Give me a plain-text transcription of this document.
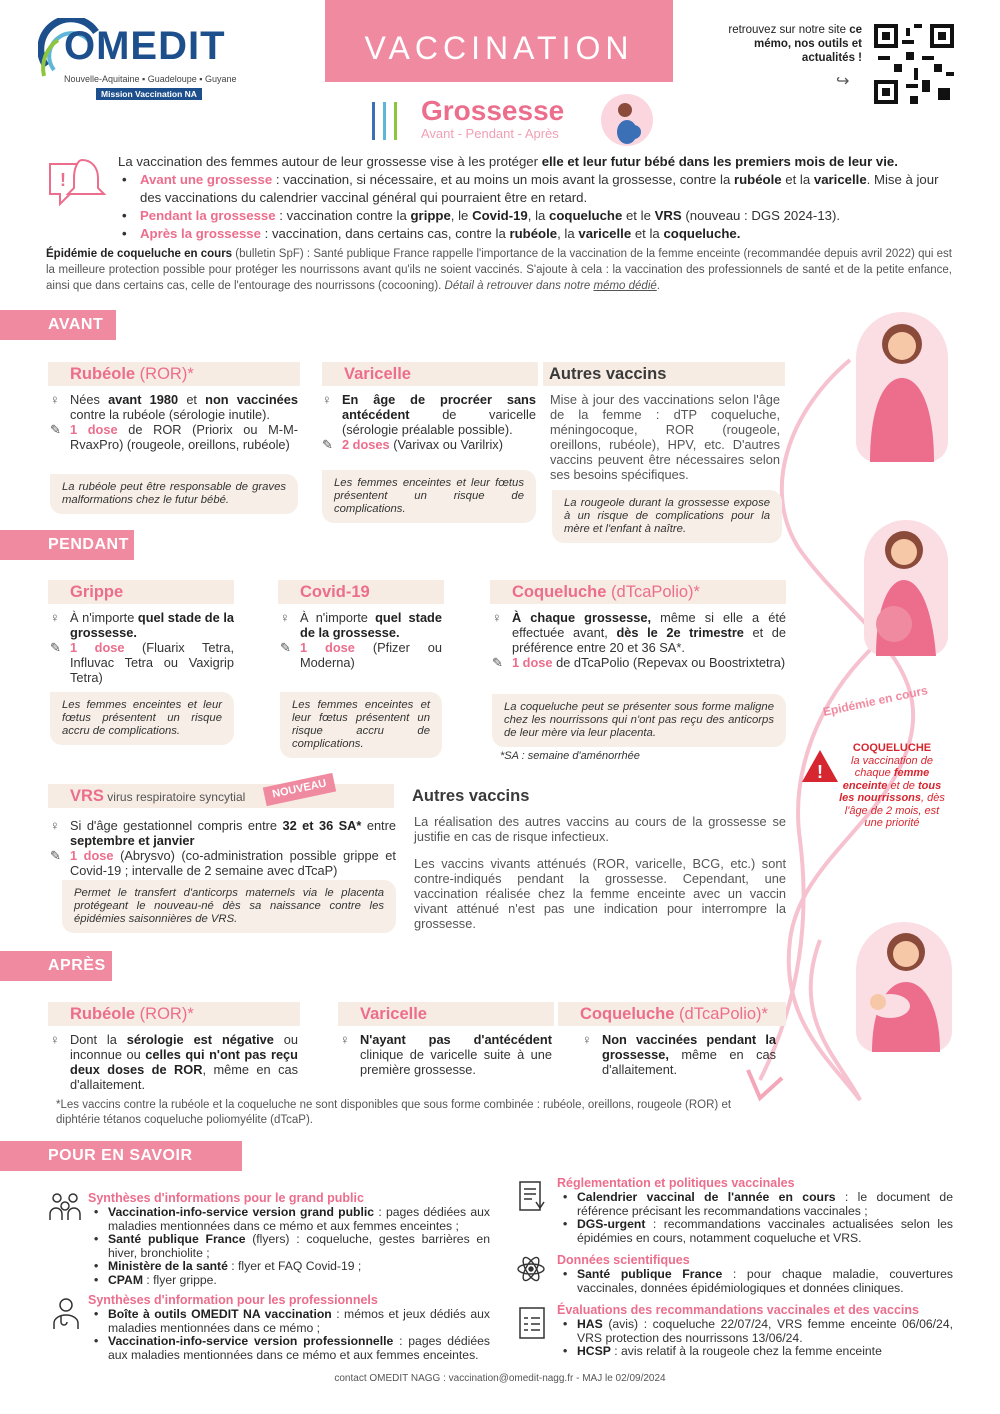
OMEDIT
Nouvelle-Aquitaine ▪ Guadeloupe ▪ Guyane
Mission Vaccination NA
VACCINATION
Grossesse
Avant - Pendant - Après
retrouvez sur notre site ce mémo, nos outils et actualités !
↪
!
La vaccination des femmes autour de leur grossesse vise à les protéger elle et leur futur bébé dans les premiers mois de leur vie.
• Avant une grossesse : vaccination, si nécessaire, et au moins un mois avant la grossesse, contre la rubéole et la varicelle. Mise à jour des vaccinations du calendrier vaccinal général qui pourraient être en retard.
• Pendant la grossesse : vaccination contre la grippe, le Covid-19, la coqueluche et le VRS (nouveau : DGS 2024-13).
• Après la grossesse : vaccination, dans certains cas, contre la rubéole, la varicelle et la coqueluche.
Épidémie de coqueluche en cours (bulletin SpF) : Santé publique France rappelle l'importance de la vaccination de la femme enceinte (recommandée depuis avril 2022) qui est la meilleure protection possible pour protéger les nourrissons avant qu'ils ne soient vaccinés. S'ajoute à cela : la vaccination des professionnels de santé et de la petite enfance, ainsi que dans certains cas, celle de l'entourage des nourrissons (cocooning). Détail à retrouver dans notre mémo dédié.
Epidémie en cours
!
COQUELUCHE
la vaccination de chaque femme enceinte et de tous les nourrissons, dès l'âge de 2 mois, est une priorité
AVANT
Rubéole (ROR)*	Varicelle	Autres vaccins
♀ Nées avant 1980 et non vaccinées contre la rubéole (sérologie inutile).
✎ 1 dose de ROR (Priorix ou M-M-RvaxPro) (rougeole, oreillons, rubéole)
La rubéole peut être responsable de graves malformations chez le futur bébé.
♀ En âge de procréer sans antécédent de varicelle (sérologie préalable possible).
✎ 2 doses (Varivax ou Varilrix)
Les femmes enceintes et leur fœtus présentent un risque de complications.
Mise à jour des vaccinations selon l'âge de la femme : dTP coqueluche, méningocoque, ROR (rougeole, oreillons, rubéole), HPV, etc. D'autres vaccins peuvent être nécessaires selon ses besoins spécifiques.
La rougeole durant la grossesse expose à un risque de complications pour la mère et l'enfant à naître.
PENDANT
Grippe	Covid-19	Coqueluche (dTcaPolio)*
♀ À n'importe quel stade de la grossesse.
✎ 1 dose (Fluarix Tetra, Influvac Tetra ou Vaxigrip Tetra)
Les femmes enceintes et leur fœtus présentent un risque accru de complications.
♀ À n'importe quel stade de la grossesse.
✎ 1 dose (Pfizer ou Moderna)
Les femmes enceintes et leur fœtus présentent un risque accru de complications.
♀ À chaque grossesse, même si elle a été effectuée avant, dès le 2e trimestre et de préférence entre 20 et 36 SA*.
✎ 1 dose de dTcaPolio (Repevax ou Boostrixtetra)
La coqueluche peut se présenter sous forme maligne chez les nourrissons qui n'ont pas reçu des anticorps de leur mère via leur placenta.
*SA : semaine d'aménorrhée
VRS virus respiratoire syncytial	NOUVEAU	Autres vaccins
♀ Si d'âge gestationnel compris entre 32 et 36 SA* entre septembre et janvier
✎ 1 dose (Abrysvo) (co-administration possible grippe et Covid-19 ; intervalle de 2 semaine avec dTcaP)
Permet le transfert d'anticorps maternels via le placenta protégeant le nouveau-né dès sa naissance contre les épidémies saisonnières de VRS.
La réalisation des autres vaccins au cours de la grossesse se justifie en cas de risque infectieux.
Les vaccins vivants atténués (ROR, varicelle, BCG, etc.) sont contre-indiqués pendant la grossesse. Cependant, une vaccination réalisée chez la femme enceinte avec un vaccin vivant atténué n'est pas une indication pour interrompre la grossesse.
APRÈS
Rubéole (ROR)*	Varicelle	Coqueluche (dTcaPolio)*
♀ Dont la sérologie est négative ou inconnue ou celles qui n'ont pas reçu deux doses de ROR, même en cas d'allaitement.
♀ N'ayant pas d'antécédent clinique de varicelle suite à une première grossesse.
♀ Non vaccinées pendant la grossesse, même en cas d'allaitement.
*Les vaccins contre la rubéole et la coqueluche ne sont disponibles que sous forme combinée : rubéole, oreillons, rougeole (ROR) et diphtérie tétanos coqueluche poliomyélite (dTcaP).
POUR EN SAVOIR PLUS
Synthèses d'informations pour le grand public
• Vaccination-info-service version grand public : pages dédiées aux maladies mentionnées dans ce mémo et aux femmes enceintes ;
• Santé publique France (flyers) : coqueluche, gestes barrières en hiver, bronchiolite ;
• Ministère de la santé : flyer et FAQ Covid-19 ;
• CPAM : flyer grippe.
Synthèses d'information pour les professionnels
• Boîte à outils OMEDIT NA vaccination : mémos et jeux dédiés aux maladies mentionnées dans ce mémo ;
• Vaccination-info-service version professionnelle : pages dédiées aux maladies mentionnées dans ce mémo et aux femmes enceintes.
Réglementation et politiques vaccinales
• Calendrier vaccinal de l'année en cours : le document de référence précisant les recommandations vaccinales ;
• DGS-urgent : recommandations vaccinales actualisées selon les épidémies en cours, notamment coqueluche et VRS.
Données scientifiques
• Santé publique France : pour chaque maladie, couvertures vaccinales, données épidémiologiques et données cliniques.
Évaluations des recommandations vaccinales et des vaccins
• HAS (avis) : coqueluche 22/07/24, VRS femme enceinte 06/06/24, VRS protection des nourrissons 13/06/24.
• HCSP : avis relatif à la rougeole chez la femme enceinte
contact OMEDIT NAGG : vaccination@omedit-nagg.fr - MAJ le 02/09/2024
